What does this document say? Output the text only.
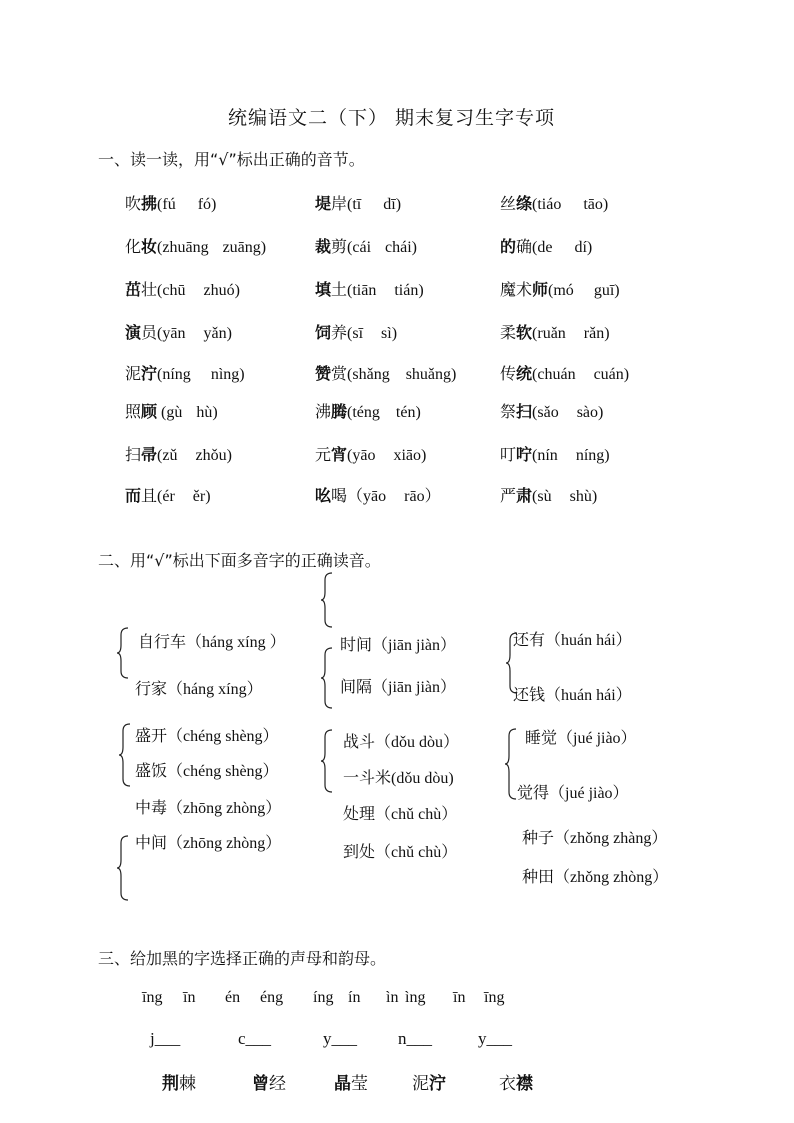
统编语文二（下） 期末复习生字专项
一、读一读，用“√”标出正确的音节。
吹拂(fú fó)	堤岸(tī dī)	丝绦(tiáo tāo)
化妆(zhuāng zuāng)	裁剪(cái chái)	的确(de dí)
茁壮(chū zhuó)	填土(tiān tián)	魔术师(mó guī)
演员(yān yǎn)	饲养(sī sì)	柔软(ruǎn rǎn)
泥泞(níng nìng)	赞赏(shǎng shuǎng)	传统(chuán cuán)
照顾 (gù hù)	沸腾(téng tén)	祭扫(sǎo sào)
扫帚(zǔ zhǒu)	元宵(yāo xiāo)	叮咛(nín níng)
而且(ér ěr)	吆喝（yāo rāo）	严肃(sù shù)
二、用“√”标出下面多音字的正确读音。
自行车（háng xíng ）
行家（háng xíng）
盛开（chéng shèng）
盛饭（chéng shèng）
中毒（zhōng zhòng）
中间（zhōng zhòng）
时间（jiān jiàn）
间隔（jiān jiàn）
战斗（dǒu dòu）
一斗米(dǒu dòu)
处理（chǔ chù）
到处（chǔ chù）
还有（huán hái）
还钱（huán hái）
睡觉（jué jiào）
觉得（jué jiào）
种子（zhǒng zhàng）
种田（zhǒng zhòng）
三、给加黑的字选择正确的声母和韵母。
īng īn én éng íng ín ìn ìng īn īng
j___	c___	y___ n___	y___
荆棘	曾经	晶莹	泥泞	衣襟
